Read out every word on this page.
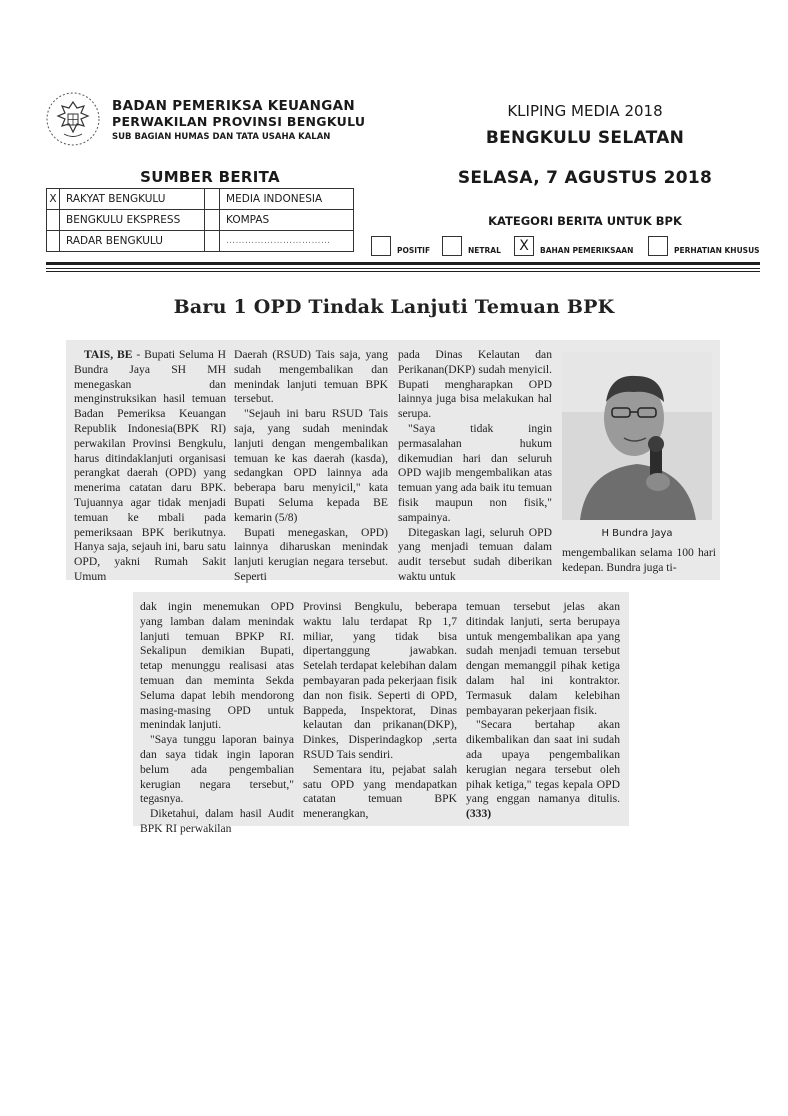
BADAN PEMERIKSA KEUANGAN
PERWAKILAN PROVINSI BENGKULU
SUB BAGIAN HUMAS DAN TATA USAHA KALAN
KLIPING MEDIA 2018
BENGKULU SELATAN
SELASA, 7 AGUSTUS 2018
SUMBER BERITA
X	RAKYAT BENGKULU		MEDIA INDONESIA
	BENGKULU EKSPRESS		KOMPAS
	RADAR BENGKULU		……………………………
KATEGORI BERITA UNTUK BPK
POSITIF	NETRAL	X	BAHAN PEMERIKSAAN	PERHATIAN KHUSUS
Baru 1 OPD Tindak Lanjuti Temuan BPK

TAIS, BE - Bupati Seluma H Bundra Jaya SH MH menegaskan dan menginstruksikan hasil temuan Badan Pemeriksa Keuangan Republik Indonesia(BPK RI) perwakilan Provinsi Bengkulu, harus ditindaklanjuti organisasi perangkat daerah (OPD) yang menerima catatan daru BPK. Tujuannya agar tidak menjadi temuan ke mbali pada pemeriksaan BPK berikutnya. Hanya saja, sejauh ini, baru satu OPD, yakni Rumah Sakit Umum

Daerah (RSUD) Tais saja, yang sudah mengembalikan dan menindak lanjuti temuan BPK tersebut.

"Sejauh ini baru RSUD Tais saja, yang sudah menindak lanjuti dengan mengembalikan temuan ke kas daerah (kasda), sedangkan OPD lainnya ada beberapa baru menyicil," kata Bupati Seluma kepada BE kemarin (5/8)

Bupati menegaskan, OPD) lainnya diharuskan menindak lanjuti kerugian negara tersebut. Seperti

pada Dinas Kelautan dan Perikanan(DKP) sudah menyicil. Bupati mengharapkan OPD lainnya juga bisa melakukan hal serupa.

"Saya tidak ingin permasalahan hukum dikemudian hari dan seluruh OPD wajib mengembalikan atas temuan yang ada baik itu temuan fisik maupun non fisik," sampainya.

Ditegaskan lagi, seluruh OPD yang menjadi temuan dalam audit tersebut sudah diberikan waktu untuk

H Bundra Jaya

mengembalikan selama 100 hari kedepan. Bundra juga ti-

dak ingin menemukan OPD yang lamban dalam menindak lanjuti temuan BPKP RI. Sekalipun demikian Bupati, tetap menunggu realisasi atas temuan dan meminta Sekda Seluma dapat lebih mendorong masing-masing OPD untuk menindak lanjuti.

"Saya tunggu laporan bainya dan saya tidak ingin laporan belum ada pengembalian kerugian negara tersebut," tegasnya.

Diketahui, dalam hasil Audit BPK RI perwakilan

Provinsi Bengkulu, beberapa waktu lalu terdapat Rp 1,7 miliar, yang tidak bisa dipertanggung jawabkan. Setelah terdapat kelebihan dalam pembayaran pada pekerjaan fisik dan non fisik. Seperti di OPD, Bappeda, Inspektorat, Dinas kelautan dan prikanan(DKP), Dinkes, Disperindagkop ,serta RSUD Tais sendiri.

Sementara itu, pejabat salah satu OPD yang mendapatkan catatan temuan BPK menerangkan,

temuan tersebut jelas akan ditindak lanjuti, serta berupaya untuk mengembalikan apa yang sudah menjadi temuan tersebut dengan memanggil pihak ketiga dalam hal ini kontraktor. Termasuk dalam kelebihan pembayaran pekerjaan fisik.

"Secara bertahap akan dikembalikan dan saat ini sudah ada upaya pengembalikan kerugian negara tersebut oleh pihak ketiga," tegas kepala OPD yang enggan namanya ditulis. (333)
